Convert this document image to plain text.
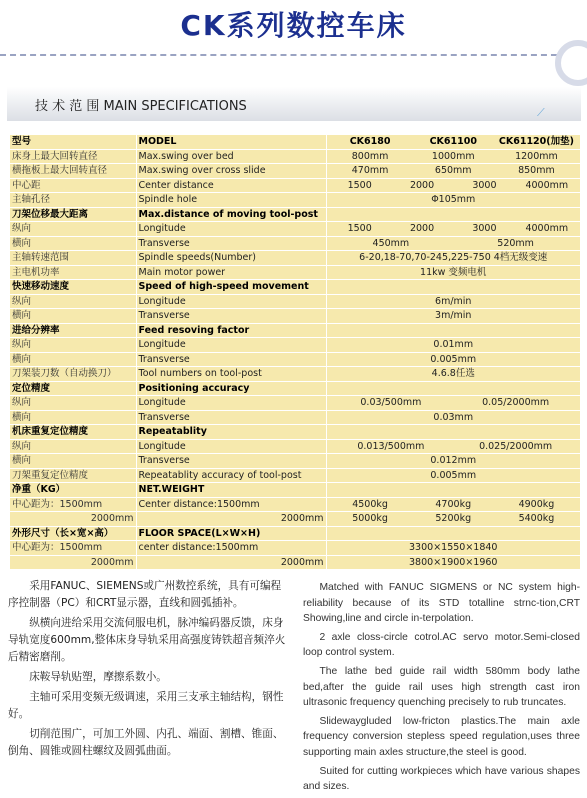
CK系列数控车床
技 术 范 围 MAIN SPECIFICATIONS	⟋
型号	MODEL	CK6180 CK61100 CK61120(加垫)

床身上最大回转直径	Max.swing over bed	800mm 1000mm 1200mm

横拖板上最大回转直径	Max.swing over cross slide	470mm 650mm 850mm

中心距	Center distance	1500 2000 3000 4000mm

主轴孔径	Spindle hole	Φ105mm

刀架位移最大距离	Max.distance of moving tool-post	
纵向	Longitude	1500 2000 3000 4000mm

横向	Transverse	450mm 520mm

主轴转速范围	Spindle speeds(Number)	6-20,18-70,70-245,225-750 4档无级变速

主电机功率	Main motor power	11kw 变频电机

快速移动速度	Speed of high-speed movement	
纵向	Longitude	6m/min

横向	Transverse	3m/min

进给分辨率	Feed resoving factor	
纵向	Longitude	0.01mm

横向	Transverse	0.005mm

刀架装刀数（自动换刀）	Tool numbers on tool-post	4.6.8任选

定位精度	Positioning accuracy	
纵向	Longitude	0.03/500mm 0.05/2000mm

横向	Transverse	0.03mm

机床重复定位精度	Repeatablity	
纵向	Longitude	0.013/500mm 0.025/2000mm

横向	Transverse	0.012mm

刀架重复定位精度	Repeatablity accuracy of tool-post	0.005mm

净重（KG）	NET.WEIGHT	
中心距为：1500mm	Center distance:1500mm	4500kg 4700kg 4900kg

2000mm	2000mm	5000kg 5200kg 5400kg

外形尺寸（长×宽×高）	FLOOR SPACE(L×W×H)	
中心距为：1500mm	center distance:1500mm	3300×1550×1840

2000mm	2000mm	3800×1900×1960

采用FANUC、SIEMENS或广州数控系统，具有可编程序控制器（PC）和CRT显示器，直线和圆弧插补。

纵横向进给采用交流伺服电机，脉冲编码器反馈，床身导轨宽度600mm,整体床身导轨采用高强度铸铁超音频淬火后精密磨削。

床鞍导轨贴塑，摩擦系数小。

主轴可采用变频无级调速，采用三支承主轴结构，钢性好。

切削范围广，可加工外圆、内孔、端面、割槽、锥面、倒角、圆锥或圆柱螺纹及圆弧曲面。

Matched with FANUC SIGMENS or NC system high-reliability because of its STD totalline strnc-tion,CRT Showing,line and circle in-terpolation.

2 axle closs-circle cotrol.AC servo motor.Semi-closed loop control system.

The lathe bed guide rail width 580mm body lathe bed,after the guide rail uses high strength cast iron ultrasonic frequency quenching precisely to rub truncates.

Slidewaygluded low-fricton plastics.The main axle frequency conversion stepless speed regulation,uses three supporting main axles structure,the steel is good.

Suited for cutting workpieces which have various shapes and sizes.
